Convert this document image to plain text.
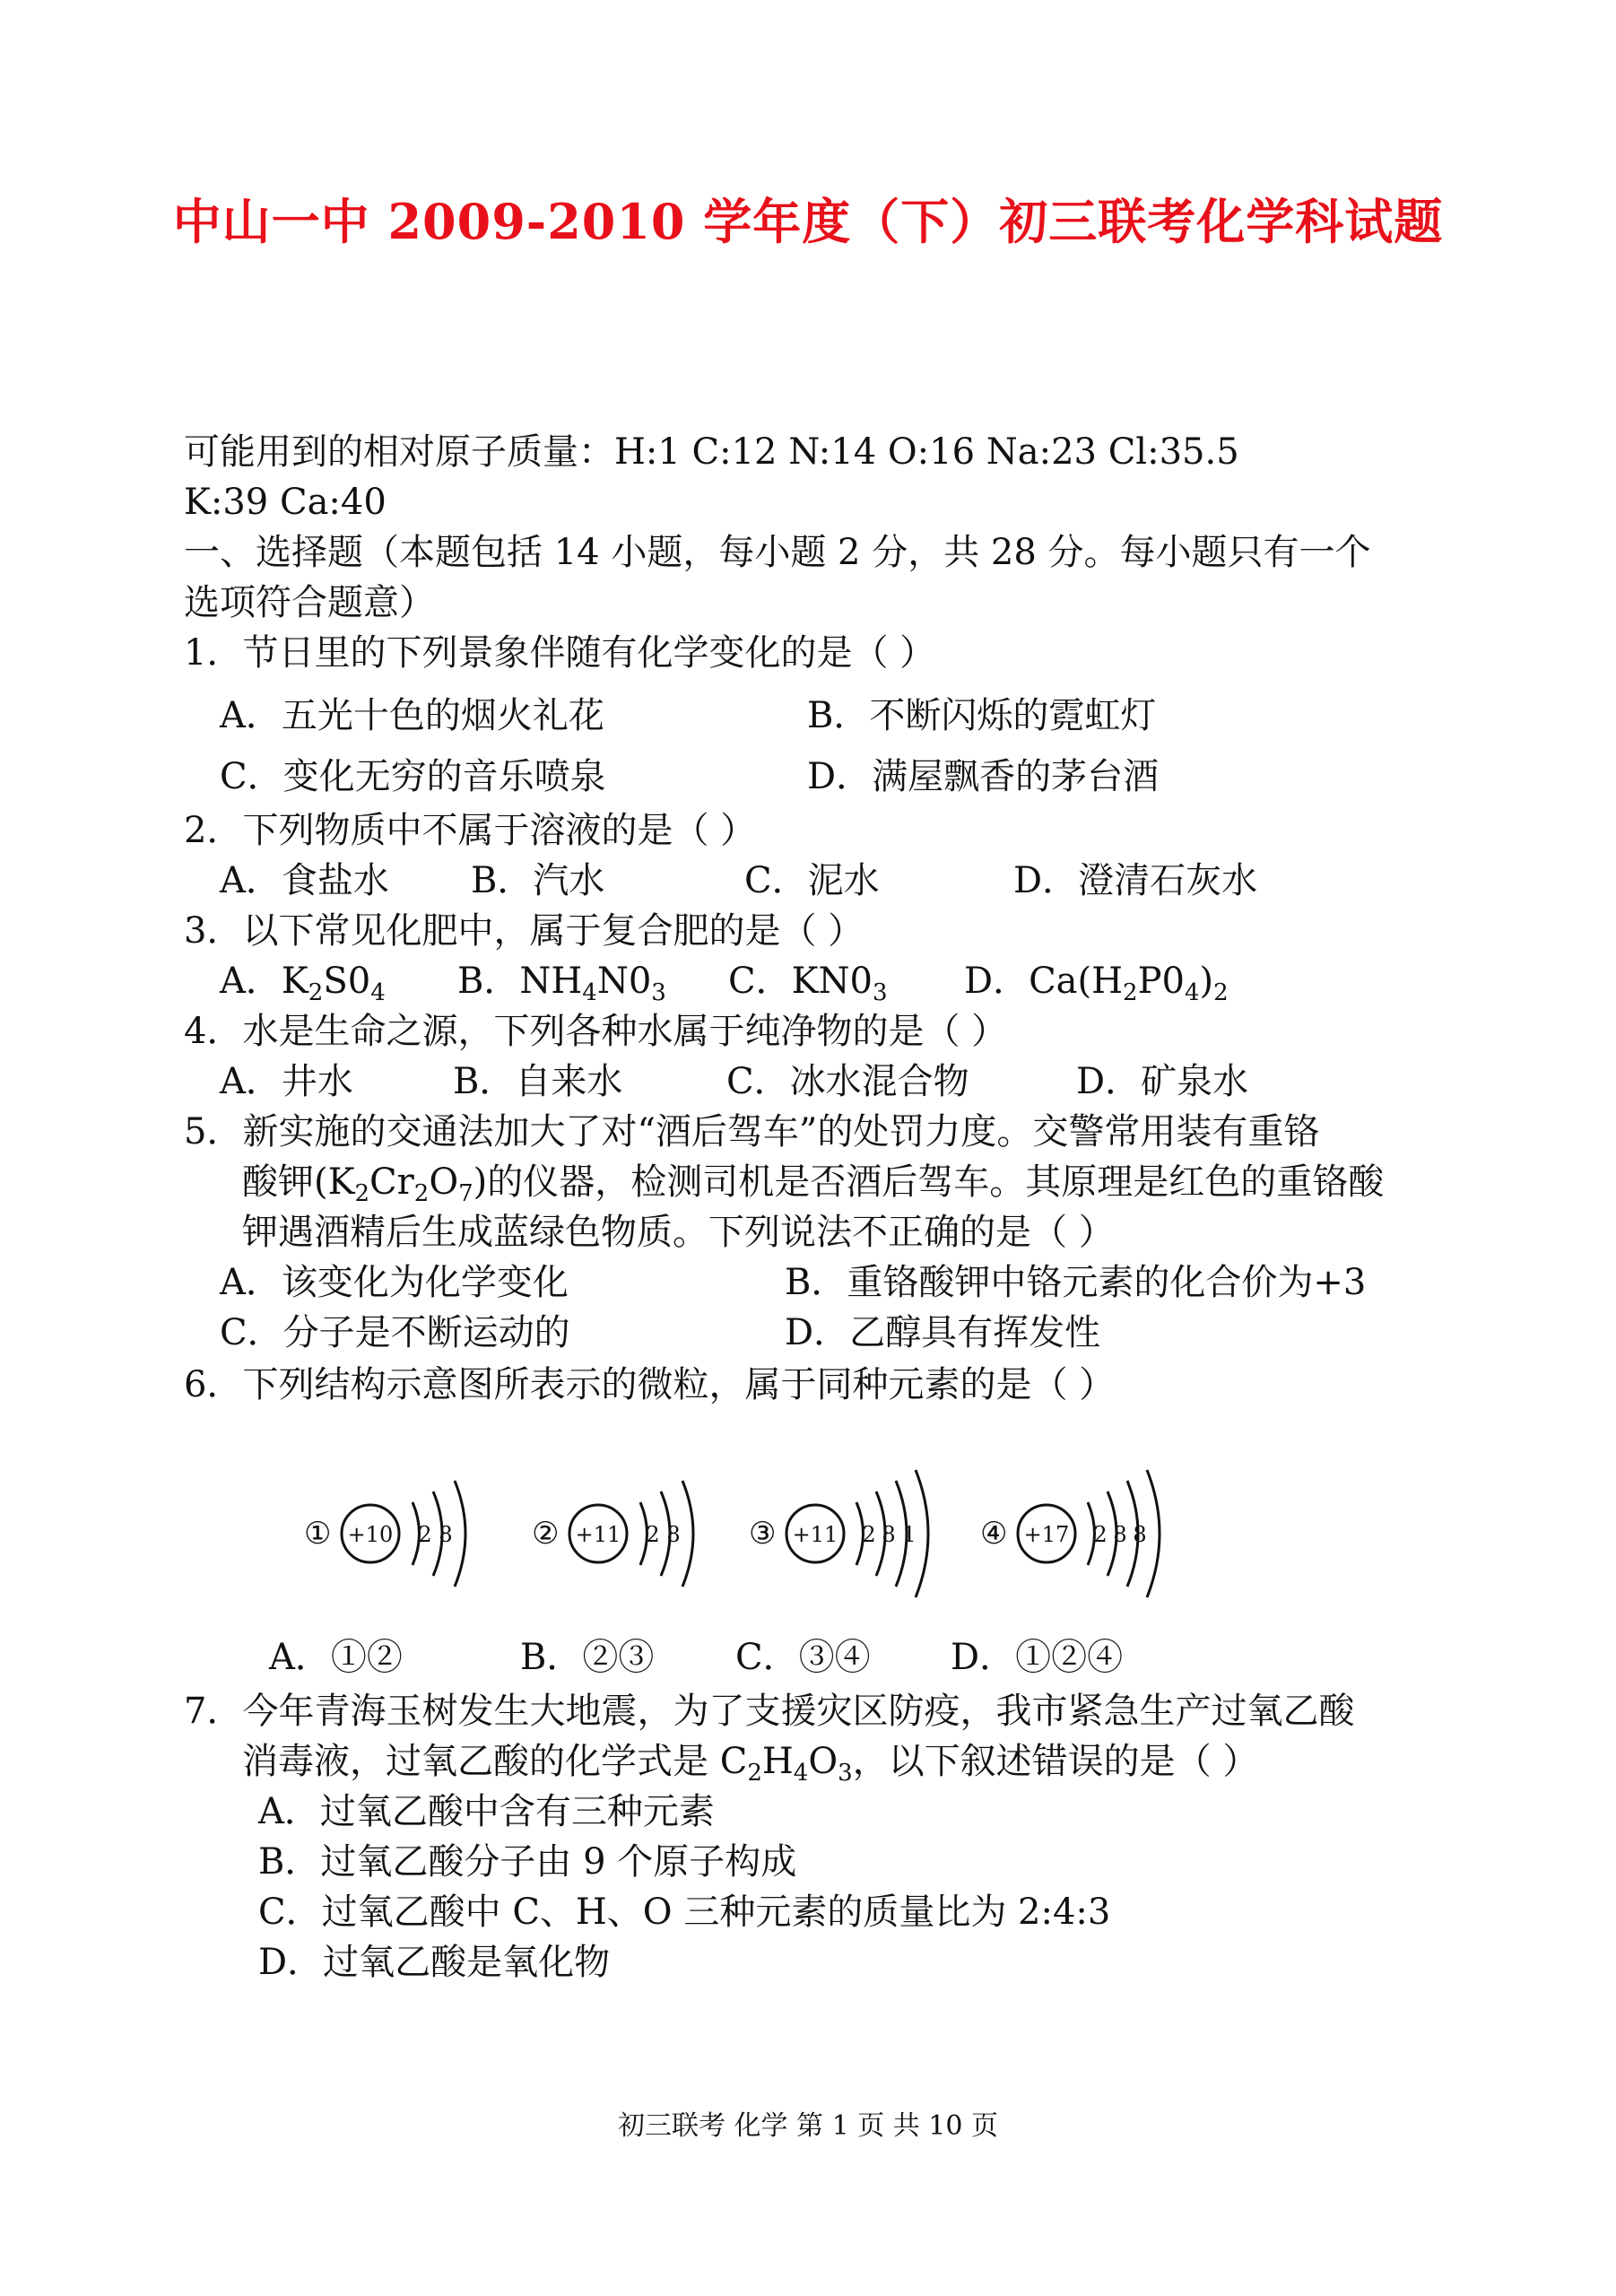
中山一中 2009-2010 学年度（下）初三联考化学科试题
可能用到的相对原子质量：H:1 C:12 N:14 O:16 Na:23 Cl:35.5
K:39 Ca:40
一、选择题（本题包括 14 小题，每小题 2 分，共 28 分。每小题只有一个
选项符合题意）
1．节日里的下列景象伴随有化学变化的是（ ）
A．五光十色的烟火礼花	B．不断闪烁的霓虹灯
C．变化无穷的音乐喷泉	D．满屋飘香的茅台酒
2．下列物质中不属于溶液的是（ ）
A．食盐水 B．汽水	C．泥水	D．澄清石灰水
3．以下常见化肥中，属于复合肥的是（ ）
A．$K_2S0_4$ B．$NH_4N0_3$ C．$KN0_3$ D．$Ca(H_2P0_4)_2$
4．水是生命之源，下列各种水属于纯净物的是（ ）
A．井水	B．自来水	C．冰水混合物	D．矿泉水
5．新实施的交通法加大了对“酒后驾车”的处罚力度。交警常用装有重铬
酸钾$(K_2Cr_2O_7)$的仪器，检测司机是否酒后驾车。其原理是红色的重铬酸
钾遇酒精后生成蓝绿色物质。下列说法不正确的是（ ）
A．该变化为化学变化	B．重铬酸钾中铬元素的化合价为+3
C．分子是不断运动的	D．乙醇具有挥发性
6．下列结构示意图所表示的微粒，属于同种元素的是（ ）
① +10 2 8	② +11 2 8 ③ +11 2 8 1 ④ +17 2 8 8
A．①②	B．②③ C．③④ D．①②④
7．今年青海玉树发生大地震，为了支援灾区防疫，我市紧急生产过氧乙酸
消毒液，过氧乙酸的化学式是 $C_2H_4O_3$，以下叙述错误的是（ ）
A．过氧乙酸中含有三种元素
B．过氧乙酸分子由 9 个原子构成
C．过氧乙酸中 C、H、O 三种元素的质量比为 2:4:3
D．过氧乙酸是氧化物
初三联考 化学 第 1 页 共 10 页
